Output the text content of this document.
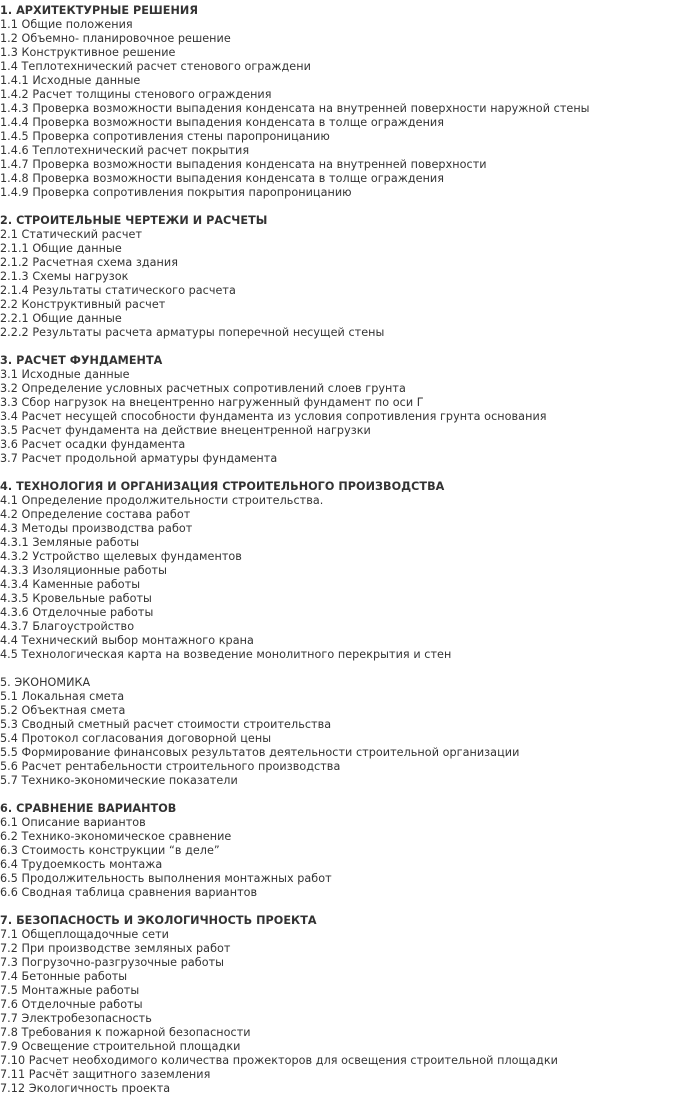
1. АРХИТЕКТУРНЫЕ РЕШЕНИЯ
1.1 Общие положения
1.2 Объемно- планировочное решение
1.3 Конструктивное решение
1.4 Теплотехнический расчет стенового ограждени
1.4.1 Исходные данные
1.4.2 Расчет толщины стенового ограждения
1.4.3 Проверка возможности выпадения конденсата на внутренней поверхности наружной стены
1.4.4 Проверка возможности выпадения конденсата в толще ограждения
1.4.5 Проверка сопротивления стены паропроницанию
1.4.6 Теплотехнический расчет покрытия
1.4.7 Проверка возможности выпадения конденсата на внутренней поверхности
1.4.8 Проверка возможности выпадения конденсата в толще ограждения
1.4.9 Проверка сопротивления покрытия паропроницанию
2. СТРОИТЕЛЬНЫЕ ЧЕРТЕЖИ И РАСЧЕТЫ
2.1 Статический расчет
2.1.1 Общие данные
2.1.2 Расчетная схема здания
2.1.3 Схемы нагрузок
2.1.4 Результаты статического расчета
2.2 Конструктивный расчет
2.2.1 Общие данные
2.2.2 Результаты расчета арматуры поперечной несущей стены
3. РАСЧЕТ ФУНДАМЕНТА
3.1 Исходные данные
3.2 Определение условных расчетных сопротивлений слоев грунта
3.3 Сбор нагрузок на внецентренно нагруженный фундамент по оси Г
3.4 Расчет несущей способности фундамента из условия сопротивления грунта основания
3.5 Расчет фундамента на действие внецентренной нагрузки
3.6 Расчет осадки фундамента
3.7 Расчет продольной арматуры фундамента
4. ТЕХНОЛОГИЯ И ОРГАНИЗАЦИЯ СТРОИТЕЛЬНОГО ПРОИЗВОДСТВА
4.1 Определение продолжительности строительства.
4.2 Определение состава работ
4.3 Методы производства работ
4.3.1 Земляные работы
4.3.2 Устройство щелевых фундаментов
4.3.3 Изоляционные работы
4.3.4 Каменные работы
4.3.5 Кровельные работы
4.3.6 Отделочные работы
4.3.7 Благоустройство
4.4 Технический выбор монтажного крана
4.5 Технологическая карта на возведение монолитного перекрытия и стен
5. ЭКОНОМИКА
5.1 Локальная смета
5.2 Объектная смета
5.3 Сводный сметный расчет стоимости строительства
5.4 Протокол согласования договорной цены
5.5 Формирование финансовых результатов деятельности строительной организации
5.6 Расчет рентабельности строительного производства
5.7 Технико-экономические показатели
6. СРАВНЕНИЕ ВАРИАНТОВ
6.1 Описание вариантов
6.2 Технико-экономическое сравнение
6.3 Стоимость конструкции “в деле”
6.4 Трудоемкость монтажа
6.5 Продолжительность выполнения монтажных работ
6.6 Сводная таблица сравнения вариантов
7. БЕЗОПАСНОСТЬ И ЭКОЛОГИЧНОСТЬ ПРОЕКТА
7.1 Общеплощадочные сети
7.2 При производстве земляных работ
7.3 Погрузочно-разгрузочные работы
7.4 Бетонные работы
7.5 Монтажные работы
7.6 Отделочные работы
7.7 Электробезопасность
7.8 Требования к пожарной безопасности
7.9 Освещение строительной площадки
7.10 Расчет необходимого количества прожекторов для освещения строительной площадки
7.11 Расчёт защитного заземления
7.12 Экологичность проекта
